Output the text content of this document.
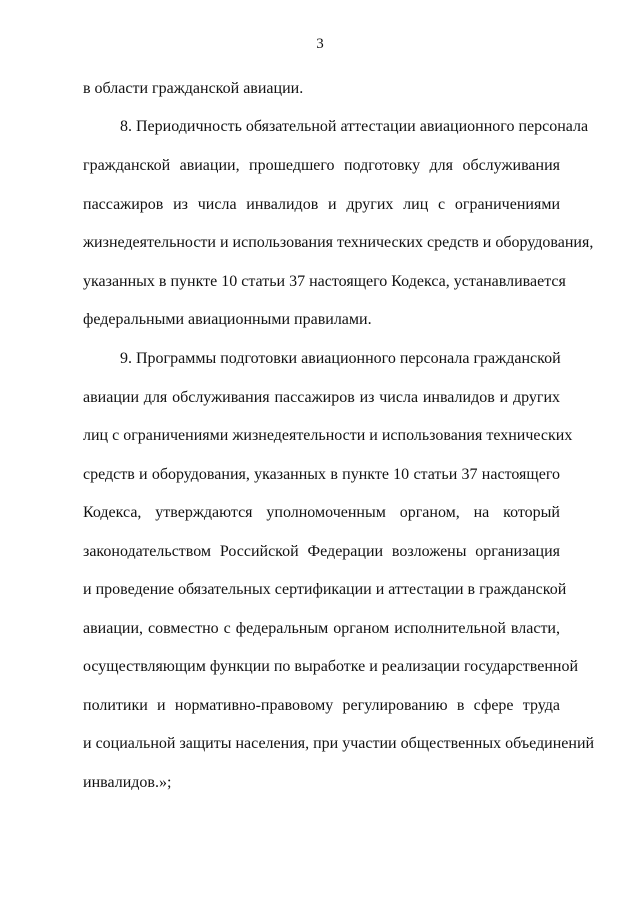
3
в области гражданской авиации.
8. Периодичность обязательной аттестации авиационного персонала
гражданской авиации, прошедшего подготовку для обслуживания
пассажиров из числа инвалидов и других лиц с ограничениями
жизнедеятельности и использования технических средств и оборудования,
указанных в пункте 10 статьи 37 настоящего Кодекса, устанавливается
федеральными авиационными правилами.
9. Программы подготовки авиационного персонала гражданской
авиации для обслуживания пассажиров из числа инвалидов и других
лиц с ограничениями жизнедеятельности и использования технических
средств и оборудования, указанных в пункте 10 статьи 37 настоящего
Кодекса, утверждаются уполномоченным органом, на который
законодательством Российской Федерации возложены организация
и проведение обязательных сертификации и аттестации в гражданской
авиации, совместно с федеральным органом исполнительной власти,
осуществляющим функции по выработке и реализации государственной
политики и нормативно-правовому регулированию в сфере труда
и социальной защиты населения, при участии общественных объединений
инвалидов.»;
